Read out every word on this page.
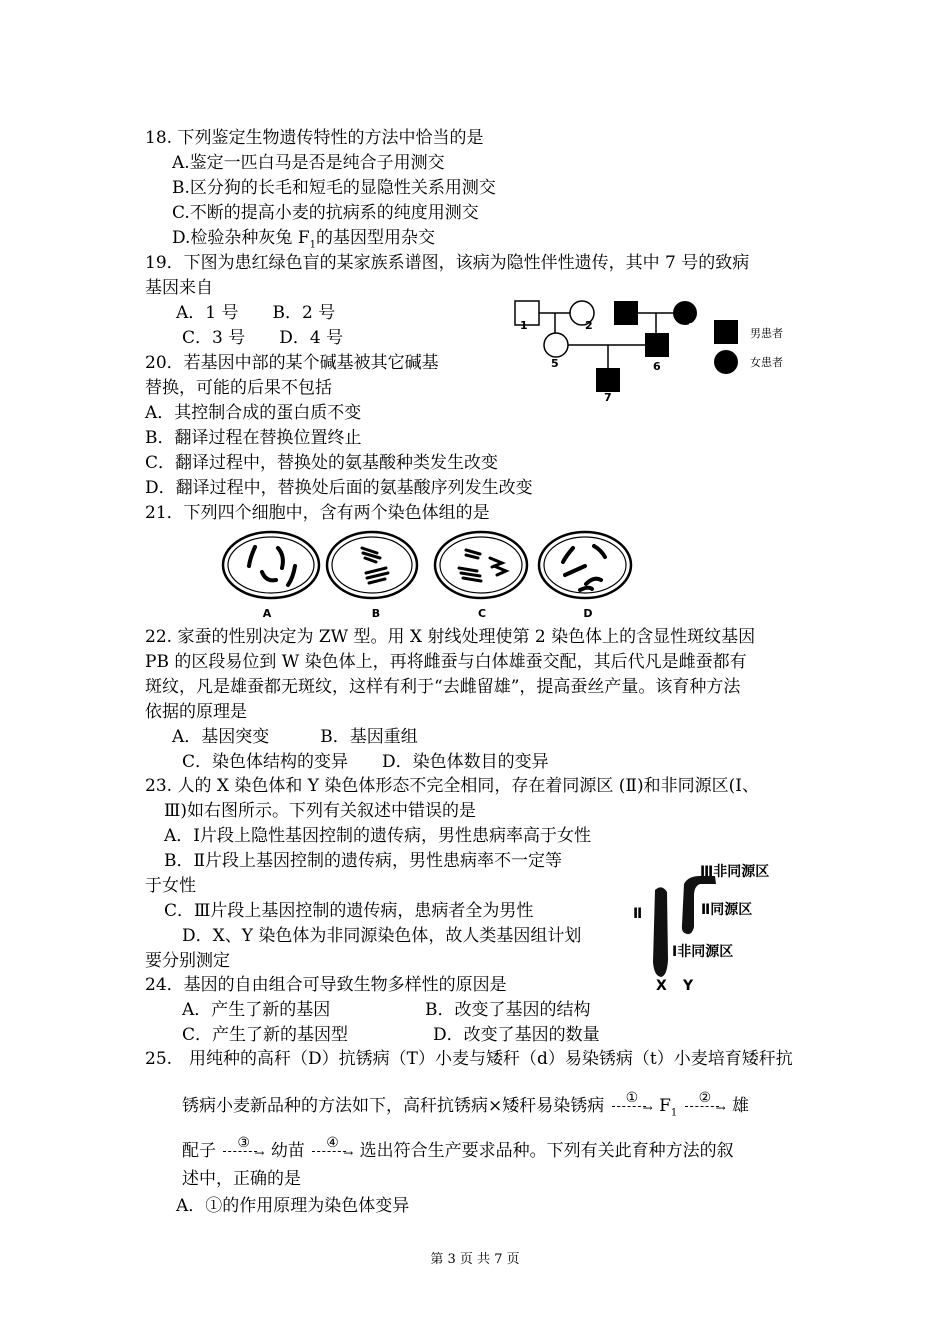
18. 下列鉴定生物遗传特性的方法中恰当的是
A.鉴定一匹白马是否是纯合子用测交
B.区分狗的长毛和短毛的显隐性关系用测交
C.不断的提高小麦的抗病系的纯度用测交
D.检验杂种灰兔 $F_1$的基因型用杂交
19．下图为患红绿色盲的某家族系谱图，该病为隐性伴性遗传，其中 7 号的致病
基因来自
A．1 号　　B．2 号
C．3 号　　D．4 号
1	2	3	4
5	6
7
男患者
女患者
20．若基因中部的某个碱基被其它碱基
替换，可能的后果不包括
A．其控制合成的蛋白质不变
B．翻译过程在替换位置终止
C．翻译过程中，替换处的氨基酸种类发生改变
D．翻译过程中，替换处后面的氨基酸序列发生改变
21．下列四个细胞中，含有两个染色体组的是
A	B	C	D
22. 家蚕的性别决定为 ZW 型。用 X 射线处理使第 2 染色体上的含显性斑纹基因
PB 的区段易位到 W 染色体上，再将雌蚕与白体雄蚕交配，其后代凡是雌蚕都有
斑纹，凡是雄蚕都无斑纹，这样有利于“去雌留雄”，提高蚕丝产量。该育种方法
依据的原理是
A．基因突变　　　B．基因重组
C．染色体结构的变异　　D．染色体数目的变异
23. 人的 X 染色体和 Y 染色体形态不完全相同，存在着同源区 (Ⅱ)和非同源区(I、
Ⅲ)如右图所示。下列有关叙述中错误的是
A．Ⅰ片段上隐性基因控制的遗传病，男性患病率高于女性
B．Ⅱ片段上基因控制的遗传病，男性患病率不一定等
于女性
C．Ⅲ片段上基因控制的遗传病，患病者全为男性
D．X、Y 染色体为非同源染色体，故人类基因组计划
要分别测定
Ⅲ非同源区
Ⅱ同源区
Ⅰ非同源区
Ⅱ
X Y
24．基因的自由组合可导致生物多样性的原因是
A．产生了新的基因	B．改变了基因的结构
C．产生了新的基因型	D．改变了基因的数量
25.　用纯种的高秆（D）抗锈病（T）小麦与矮秆（d）易染锈病（t）小麦培育矮秆抗
锈病小麦新品种的方法如下，高秆抗锈病×矮秆易染锈病 ①
→ $F_1$
②
→ 雄
配子 ③
→ 幼苗 ④
→ 选出符合生产要求品种。下列有关此育种方法的叙
述中，正确的是
A．①的作用原理为染色体变异
第 3 页 共 7 页
